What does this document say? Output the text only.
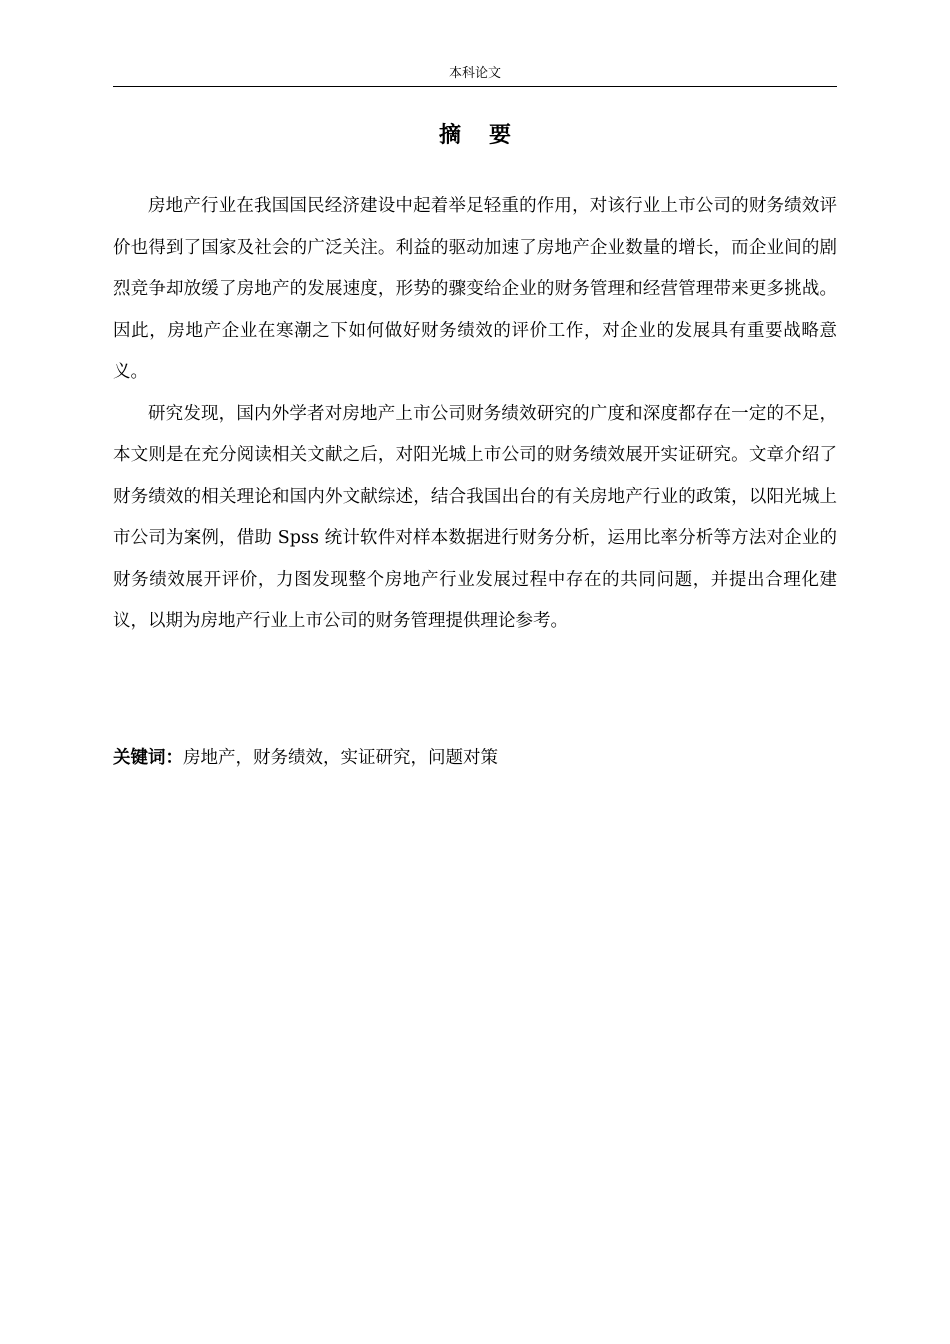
本科论文
摘要

房地产行业在我国国民经济建设中起着举足轻重的作用，对该行业上市公司的财务绩效评价也得到了国家及社会的广泛关注。利益的驱动加速了房地产企业数量的增长，而企业间的剧烈竞争却放缓了房地产的发展速度，形势的骤变给企业的财务管理和经营管理带来更多挑战。因此，房地产企业在寒潮之下如何做好财务绩效的评价工作，对企业的发展具有重要战略意义。

研究发现，国内外学者对房地产上市公司财务绩效研究的广度和深度都存在一定的不足，本文则是在充分阅读相关文献之后，对阳光城上市公司的财务绩效展开实证研究。文章介绍了财务绩效的相关理论和国内外文献综述，结合我国出台的有关房地产行业的政策，以阳光城上市公司为案例，借助 Spss 统计软件对样本数据进行财务分析，运用比率分析等方法对企业的财务绩效展开评价，力图发现整个房地产行业发展过程中存在的共同问题，并提出合理化建议，以期为房地产行业上市公司的财务管理提供理论参考。

关键词：房地产，财务绩效，实证研究，问题对策
